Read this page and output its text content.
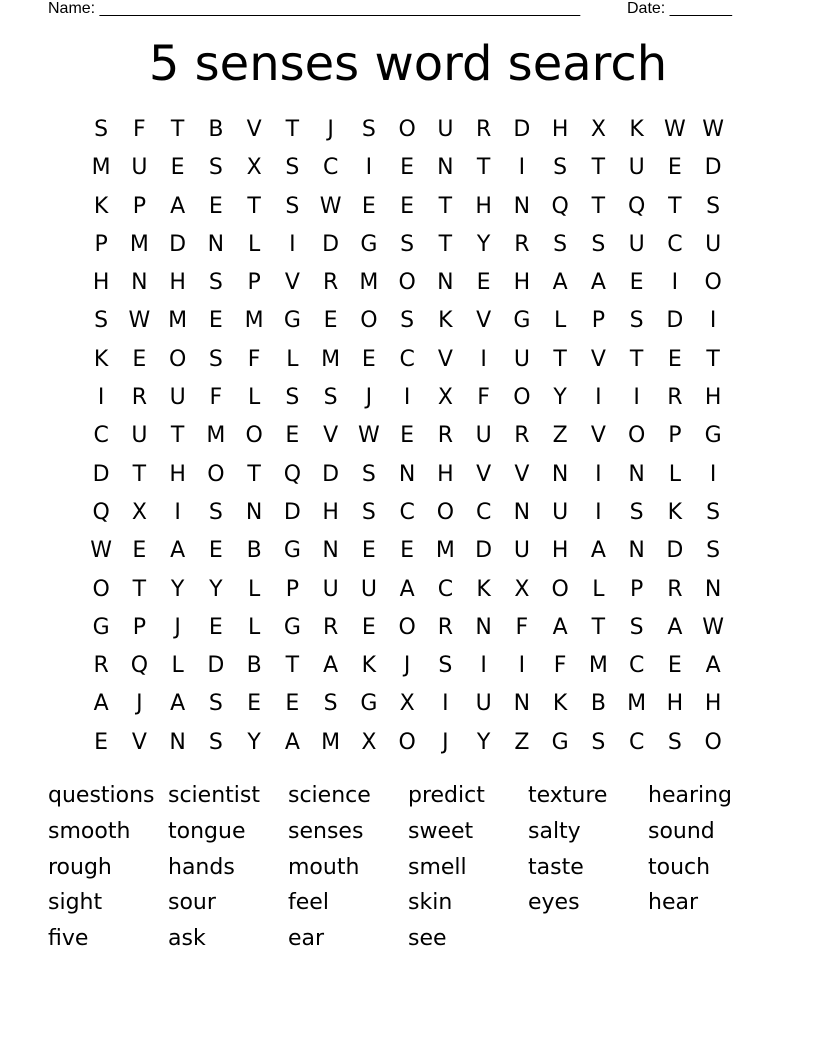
Name: ______________________________________________________	Date: _______
5 senses word search
S	F	T	B	V	T	J	S	O U	R	D H	X	K W W
M U	E	S	X	S	C	I	E	N	T	I	S	T	U	E	D
K	P	A	E	T	S W E	E	T	H N Q	T	Q	T	S
P	M D N	L	I	D G	S	T	Y	R	S	S	U	C	U
H N H	S	P	V	R M O N	E	H	A	A	E	I	O
S W M E M G	E	O	S	K	V	G	L	P	S	D	I
K	E	O	S	F	L	M E	C	V	I	U	T	V	T	E	T
I	R	U	F	L	S	S	J	I	X	F	O	Y	I	I	R	H
C	U	T	M O	E	V W E	R	U	R	Z	V	O	P	G
D	T	H O	T	Q D	S	N H	V	V	N	I	N	L	I
Q	X	I	S	N D H	S	C O C	N U	I	S	K	S
W E	A	E	B	G N	E	E M D U H	A	N D	S
O	T	Y	Y	L	P	U	U	A	C	K	X	O	L	P	R	N
G	P	J	E	L	G	R	E	O R	N	F	A	T	S	A W
R Q	L	D	B	T	A	K	J	S	I	I	F	M C	E	A
A	J	A	S	E	E	S	G	X	I	U N	K	B M H H
E	V	N	S	Y	A M X	O	J	Y	Z	G	S	C	S	O
questions scientist	science	predict	texture	hearing
smooth	tongue	senses	sweet	salty	sound
rough	hands	mouth	smell	taste	touch
sight	sour	feel	skin	eyes	hear
five	ask	ear	see
